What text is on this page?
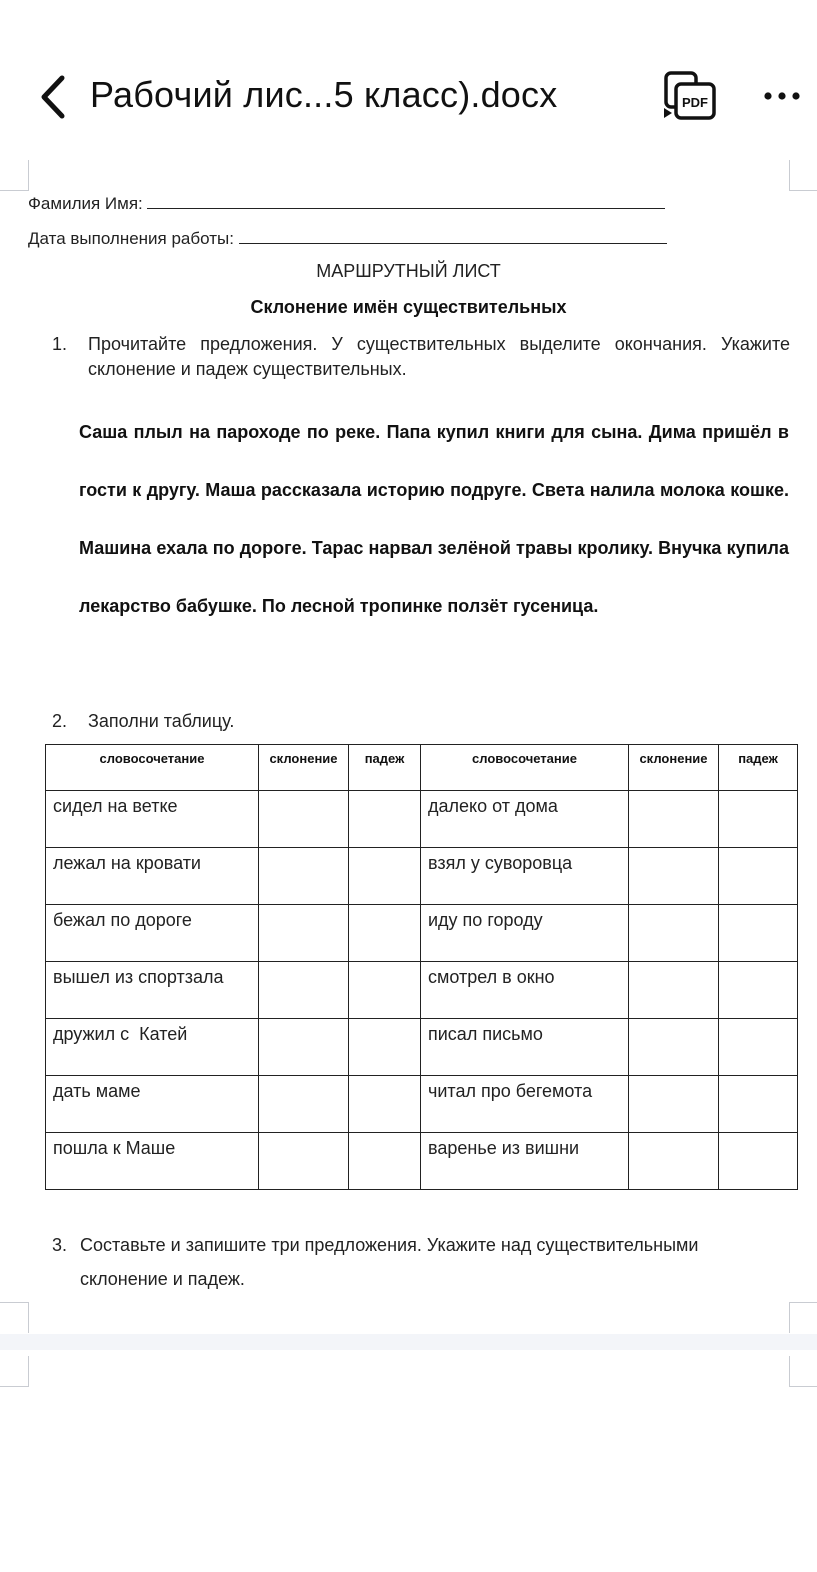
Рабочий лис...5 класс).docx	PDF
Фамилия Имя:
Дата выполнения работы:
МАРШРУТНЫЙ ЛИСТ
Склонение имён существительных
1. Прочитайте предложения. У существительных выделите окончания. Укажите склонение и падеж существительных.
Саша плыл на пароходе по реке. Папа купил книги для сына. Дима пришёл в гости к другу. Маша рассказала историю подруге. Света налила молока кошке. Машина ехала по дороге. Тарас нарвал зелёной травы кролику. Внучка купила лекарство бабушке. По лесной тропинке ползёт гусеница.
2. Заполни таблицу.
словосочетание	склонение	падеж	словосочетание	склонение	падеж
сидел на ветке			далеко от дома		
лежал на кровати			взял у суворовца		
бежал по дороге			иду по городу		
вышел из спортзала			смотрел в окно		
дружил с  Катей			писал письмо		
дать маме			читал про бегемота		
пошла к Маше			варенье из вишни		
3. Составьте и запишите три предложения. Укажите над существительными склонение и падеж.
